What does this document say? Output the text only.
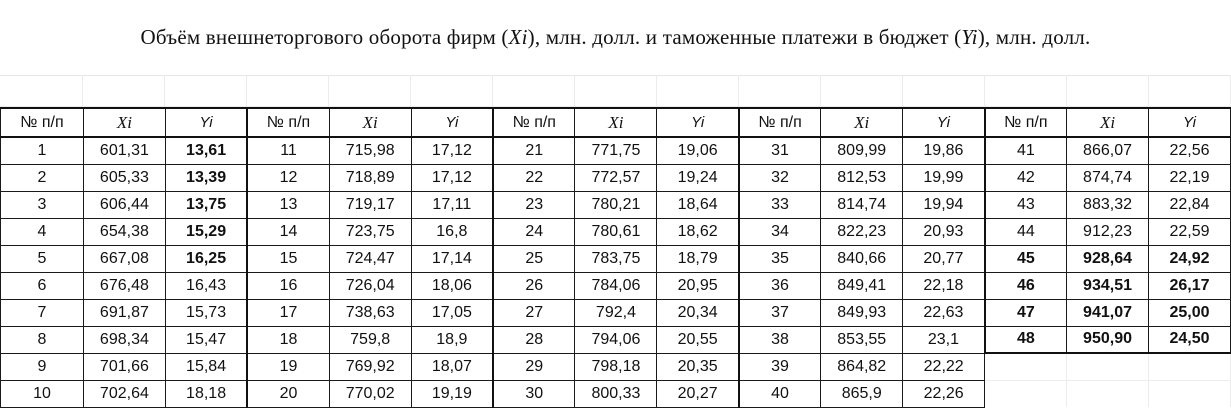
Объём внешнеторгового оборота фирм ( Xi ), млн. долл. и таможенные платежи в бюджет ( Yi ), млн. долл.
№ п/п	Xi	Yi	№ п/п	Xi	Yi	№ п/п	Xi	Yi	№ п/п	Xi	Yi	№ п/п	Xi	Yi
1	601,31	13,61	11	715,98	17,12	21	771,75	19,06	31	809,99	19,86	41	866,07	22,56
2	605,33	13,39	12	718,89	17,12	22	772,57	19,24	32	812,53	19,99	42	874,74	22,19
3	606,44	13,75	13	719,17	17,11	23	780,21	18,64	33	814,74	19,94	43	883,32	22,84
4	654,38	15,29	14	723,75	16,8	24	780,61	18,62	34	822,23	20,93	44	912,23	22,59
5	667,08	16,25	15	724,47	17,14	25	783,75	18,79	35	840,66	20,77	45	928,64	24,92
6	676,48	16,43	16	726,04	18,06	26	784,06	20,95	36	849,41	22,18	46	934,51	26,17
7	691,87	15,73	17	738,63	17,05	27	792,4	20,34	37	849,93	22,63	47	941,07	25,00
8	698,34	15,47	18	759,8	18,9	28	794,06	20,55	38	853,55	23,1	48	950,90	24,50
9	701,66	15,84	19	769,92	18,07	29	798,18	20,35	39	864,82	22,22			
10	702,64	18,18	20	770,02	19,19	30	800,33	20,27	40	865,9	22,26			
